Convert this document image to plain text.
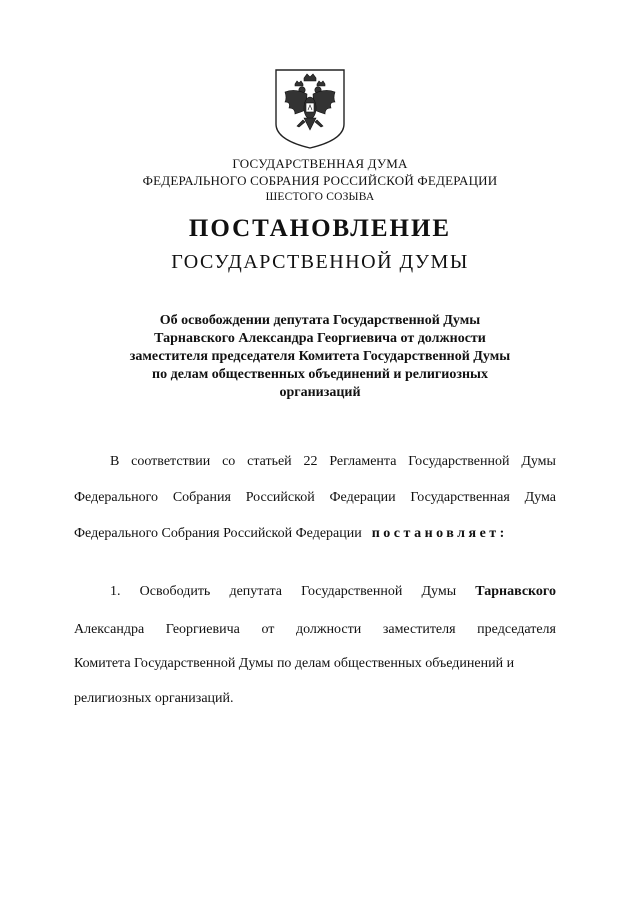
ГОСУДАРСТВЕННАЯ ДУМА
ФЕДЕРАЛЬНОГО СОБРАНИЯ РОССИЙСКОЙ ФЕДЕРАЦИИ
ШЕСТОГО СОЗЫВА
ПОСТАНОВЛЕНИЕ
ГОСУДАРСТВЕННОЙ ДУМЫ
Об освобождении депутата Государственной Думы
Тарнавского Александра Георгиевича от должности
заместителя председателя Комитета Государственной Думы
по делам общественных объединений и религиозных
организаций
В соответствии со статьей 22 Регламента Государственной Думы
Федерального Собрания Российской Федерации Государственная Дума
Федерального Собрания Российской Федерации постановляет:
1. Освободить депутата Государственной Думы Тарнавского
Александра Георгиевича от должности заместителя председателя
Комитета Государственной Думы по делам общественных объединений и
религиозных организаций.
